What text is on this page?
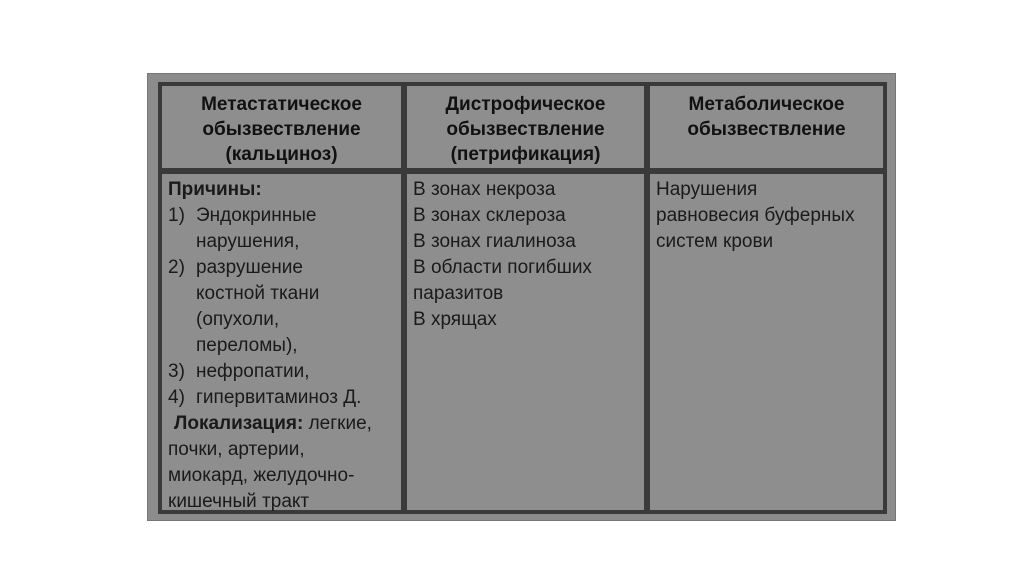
Метастатическое
обызвествление
(кальциноз)
Дистрофическое
обызвествление
(петрификация)
Метаболическое
обызвествление
Причины:
1) Эндокринные
нарушения,
2) разрушение
костной ткани
(опухоли,
переломы),
3) нефропатии,
4) гипервитаминоз Д.
Локализация: легкие,
почки, артерии,
миокард, желудочно-
кишечный тракт
В зонах некроза
В зонах склероза
В зонах гиалиноза
В области погибших
паразитов
В хрящах
Нарушения
равновесия буферных
систем крови
